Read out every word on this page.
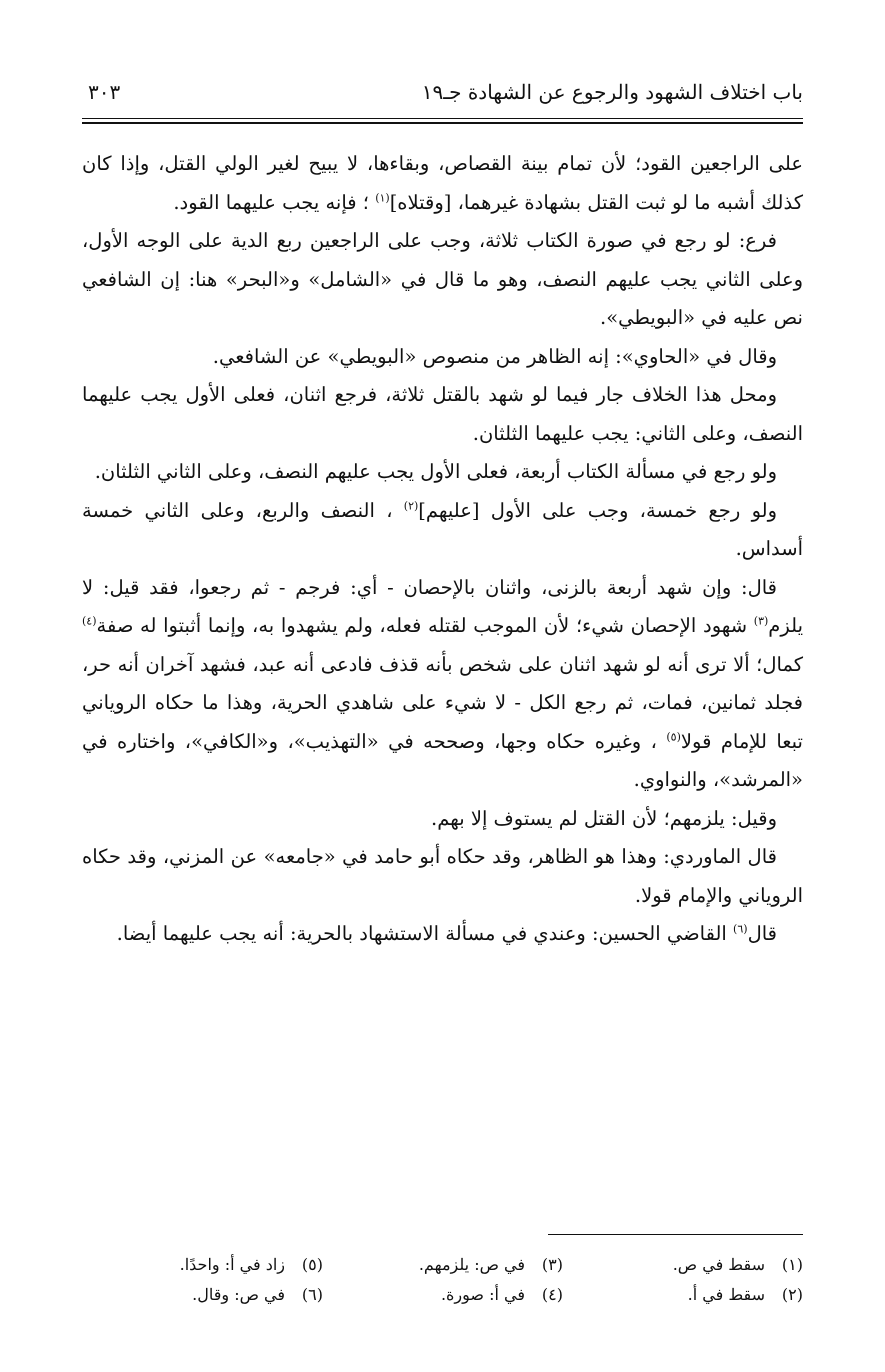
باب اختلاف الشهود والرجوع عن الشهادة جـ١٩
٣٠٣

على الراجعين القود؛ لأن تمام بينة القصاص، وبقاءها، لا يبيح لغير الولي القتل، وإذا كان كذلك أشبه ما لو ثبت القتل بشهادة غيرهما، [وقتلاه]$^{(١)}$ ؛ فإنه يجب عليهما القود.

فرع: لو رجع في صورة الكتاب ثلاثة، وجب على الراجعين ربع الدية على الوجه الأول، وعلى الثاني يجب عليهم النصف، وهو ما قال في «الشامل» و«البحر» هنا: إن الشافعي نص عليه في «البويطي».

وقال في «الحاوي»: إنه الظاهر من منصوص «البويطي» عن الشافعي.

ومحل هذا الخلاف جار فيما لو شهد بالقتل ثلاثة، فرجع اثنان، فعلى الأول يجب عليهما النصف، وعلى الثاني: يجب عليهما الثلثان.

ولو رجع في مسألة الكتاب أربعة، فعلى الأول يجب عليهم النصف، وعلى الثاني الثلثان.

ولو رجع خمسة، وجب على الأول [عليهم]$^{(٢)}$ ، النصف والربع، وعلى الثاني خمسة أسداس.

قال: وإن شهد أربعة بالزنى، واثنان بالإحصان - أي: فرجم - ثم رجعوا، فقد قيل: لا يلزم$^{(٣)}$ شهود الإحصان شيء؛ لأن الموجب لقتله فعله، ولم يشهدوا به، وإنما أثبتوا له صفة$^{(٤)}$ كمال؛ ألا ترى أنه لو شهد اثنان على شخص بأنه قذف فادعى أنه عبد، فشهد آخران أنه حر، فجلد ثمانين، فمات، ثم رجع الكل - لا شيء على شاهدي الحرية، وهذا ما حكاه الروياني تبعا للإمام قولا$^{(٥)}$ ، وغيره حكاه وجها، وصححه في «التهذيب»، و«الكافي»، واختاره في «المرشد»، والنواوي.

وقيل: يلزمهم؛ لأن القتل لم يستوف إلا بهم.

قال الماوردي: وهذا هو الظاهر، وقد حكاه أبو حامد في «جامعه» عن المزني، وقد حكاه الروياني والإمام قولا.

قال$^{(٦)}$ القاضي الحسين: وعندي في مسألة الاستشهاد بالحرية: أنه يجب عليهما أيضا.

(١)سقط في ص.
(٢)سقط في أ.
(٣)في ص: يلزمهم.
(٤)في أ: صورة.
(٥)زاد في أ: واحدًا.
(٦)في ص: وقال.
